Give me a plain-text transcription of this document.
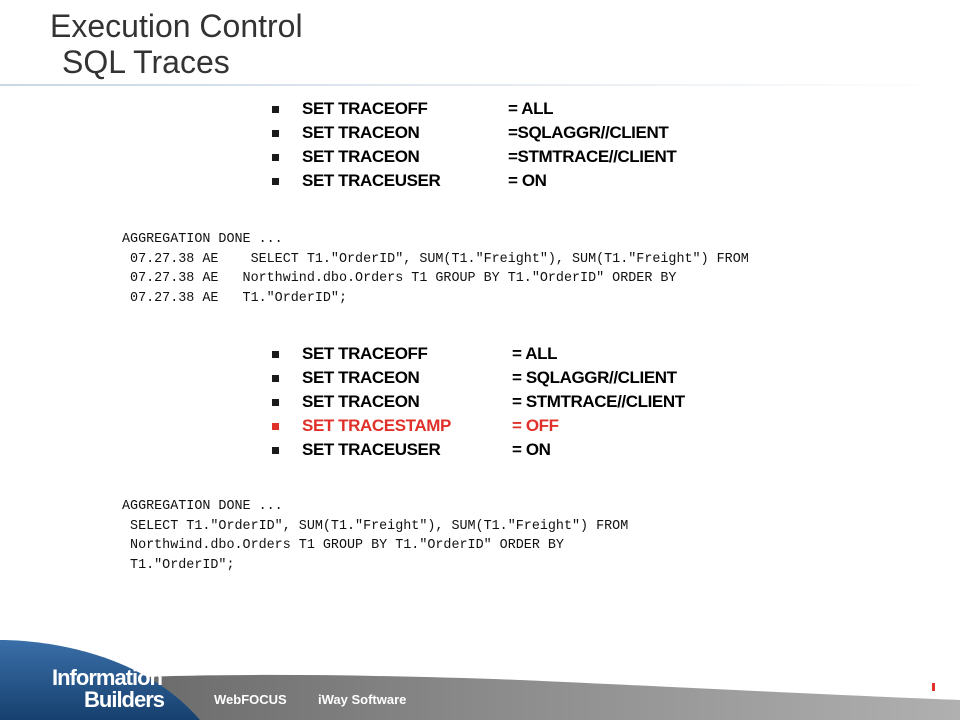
Execution Control
SQL Traces
SET TRACEOFF	= ALL
SET TRACEON	=SQLAGGR//CLIENT
SET TRACEON	=STMTRACE//CLIENT
SET TRACEUSER	= ON
AGGREGATION DONE ...
07.27.38 AE    SELECT T1."OrderID", SUM(T1."Freight"), SUM(T1."Freight") FROM
07.27.38 AE   Northwind.dbo.Orders T1 GROUP BY T1."OrderID" ORDER BY
07.27.38 AE   T1."OrderID";
SET TRACEOFF	= ALL
SET TRACEON	= SQLAGGR//CLIENT
SET TRACEON	= STMTRACE//CLIENT
SET TRACESTAMP	= OFF
SET TRACEUSER	= ON
AGGREGATION DONE ...
SELECT T1."OrderID", SUM(T1."Freight"), SUM(T1."Freight") FROM
Northwind.dbo.Orders T1 GROUP BY T1."OrderID" ORDER BY
T1."OrderID";
Information
Builders	WebFOCUS iWay Software
